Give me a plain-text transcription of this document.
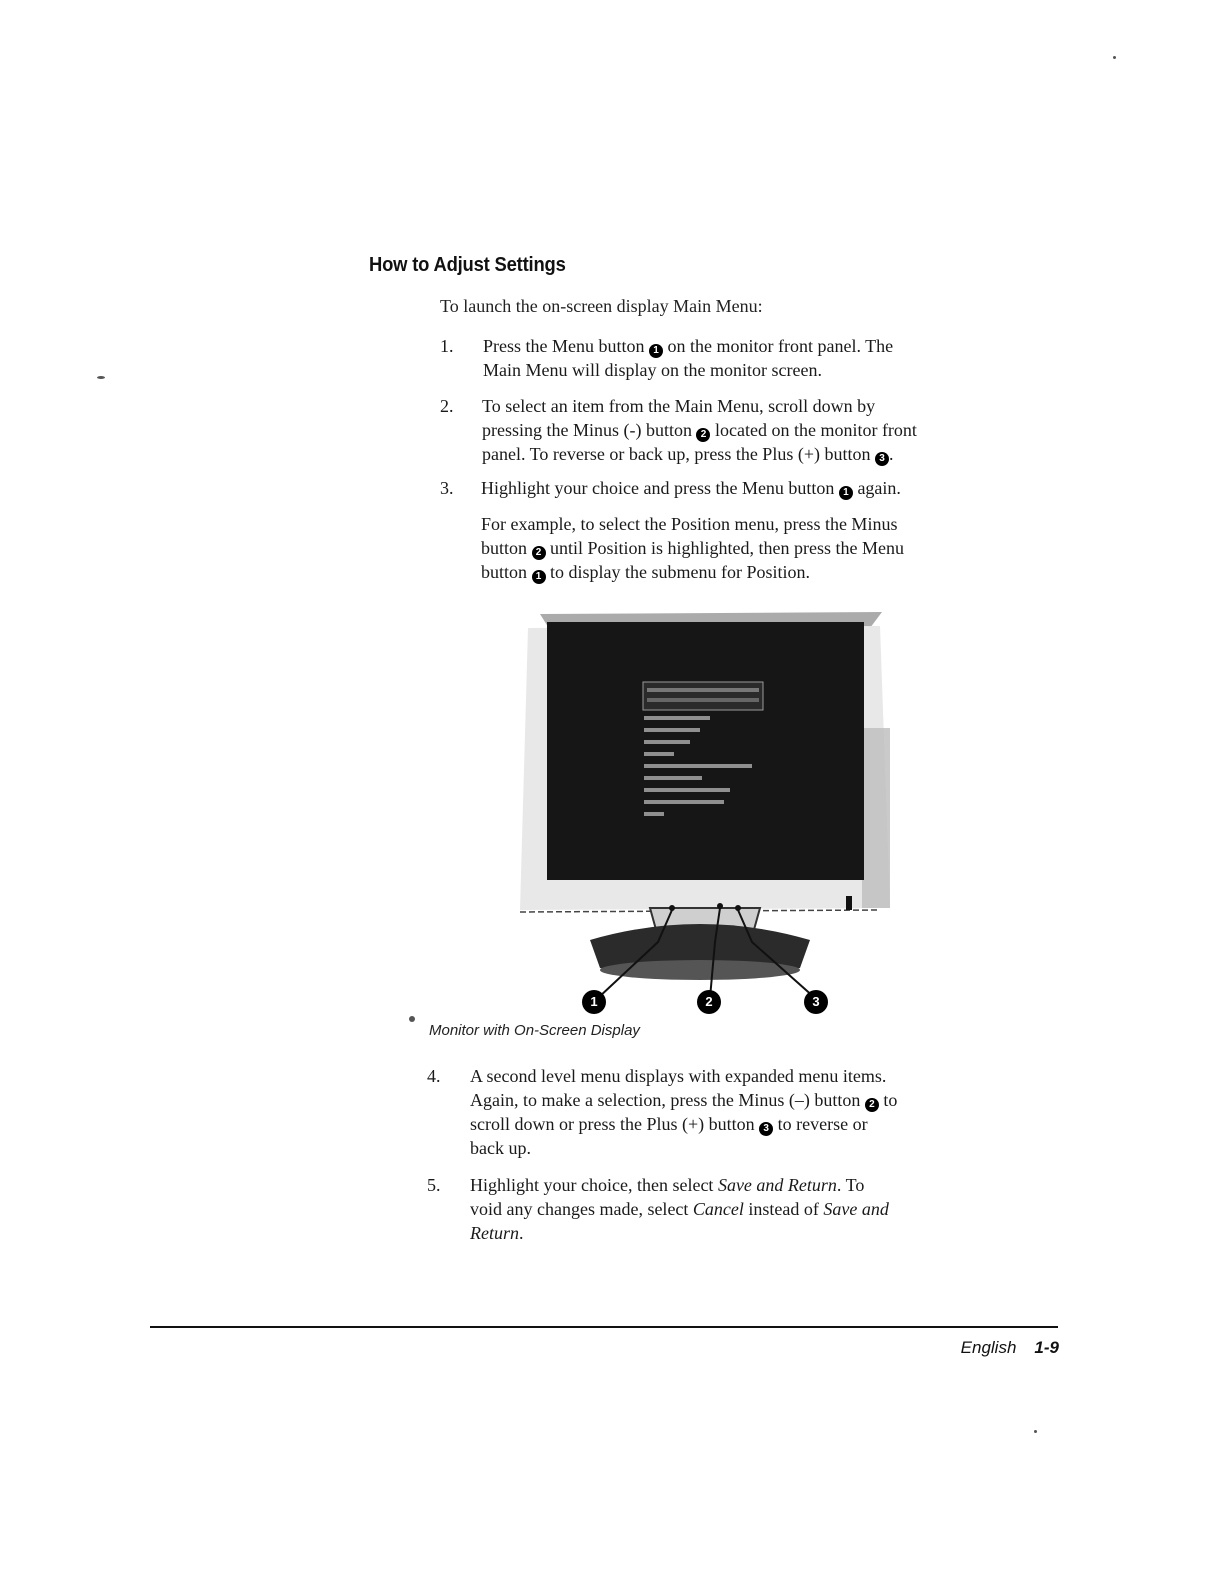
How to Adjust Settings
To launch the on-screen display Main Menu:
1. Press the Menu button 1 on the monitor front panel. The

Main Menu will display on the monitor screen.

2. To select an item from the Main Menu, scroll down by

pressing the Minus (-) button 2 located on the monitor front

panel. To reverse or back up, press the Plus (+) button 3 .

3. Highlight your choice and press the Menu button 1 again.

For example, to select the Position menu, press the Minus

button 2 until Position is highlighted, then press the Menu

button 1 to display the submenu for Position.

1	2	3
Monitor with On-Screen Display
4. A second level menu displays with expanded menu items.

Again, to make a selection, press the Minus (–) button 2 to

scroll down or press the Plus (+) button 3 to reverse or

back up.

5. Highlight your choice, then select Save and Return. To

void any changes made, select Cancel instead of Save and

Return.

English 1-9
